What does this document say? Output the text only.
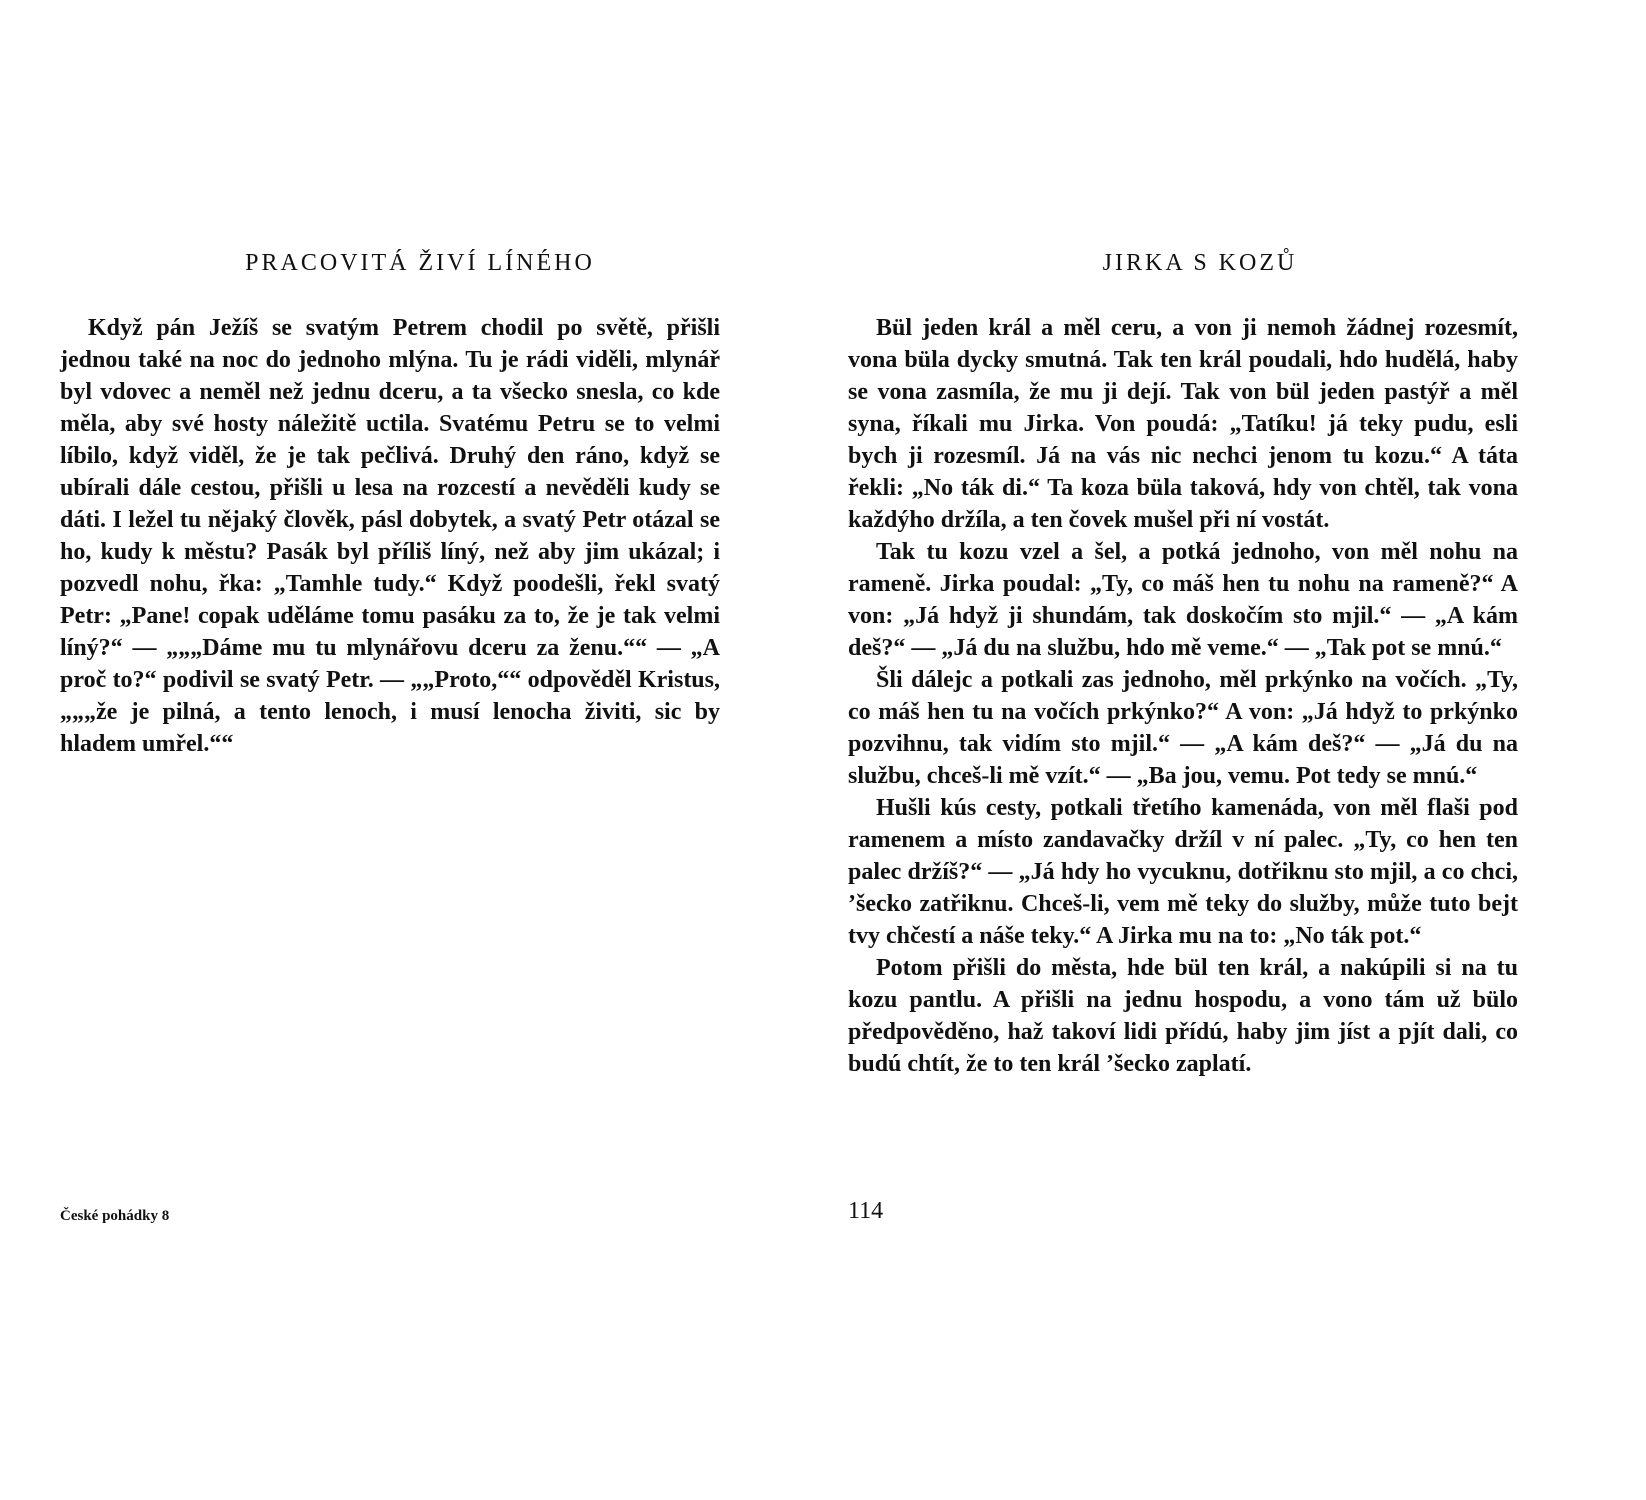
PRACOVITÁ ŽIVÍ LÍNÉHO

Když pán Ježíš se svatým Petrem chodil po světě, přišli jednou také na noc do jednoho mlýna. Tu je rádi viděli, mlynář byl vdovec a neměl než jednu dceru, a ta všecko snesla, co kde měla, aby své hosty náležitě uctila. Svatému Petru se to velmi líbilo, když viděl, že je tak pečlivá. Druhý den ráno, když se ubírali dále cestou, přišli u lesa na rozcestí a nevěděli kudy se dáti. I ležel tu nějaký člověk, pásl dobytek, a svatý Petr otázal se ho, kudy k městu? Pasák byl příliš líný, než aby jim ukázal; i pozvedl nohu, řka: „Tamhle tudy.“ Když poodešli, řekl svatý Petr: „Pane! copak uděláme tomu pasáku za to, že je tak velmi líný?“ — „„„Dáme mu tu mlynářovu dceru za ženu.““ — „A proč to?“ podivil se svatý Petr. — „„Proto,““ odpověděl Kristus, „„„že je pilná, a tento lenoch, i musí lenocha živiti, sic by hladem umřel.““

České pohádky 8
JIRKA S KOZŮ

Bül jeden král a měl ceru, a von ji nemoh žádnej rozesmít, vona büla dycky smutná. Tak ten král poudali, hdo hudělá, haby se vona zasmíla, že mu ji dejí. Tak von bül jeden pastýř a měl syna, říkali mu Jirka. Von poudá: „Tatíku! já teky pudu, esli bych ji rozesmíl. Já na vás nic nechci jenom tu kozu.“ A táta řekli: „No ták di.“ Ta koza büla taková, hdy von chtěl, tak vona každýho držíla, a ten čovek mušel při ní vostát.

Tak tu kozu vzel a šel, a potká jednoho, von měl nohu na rameně. Jirka poudal: „Ty, co máš hen tu nohu na rameně?“ A von: „Já hdyž ji shundám, tak doskočím sto mjil.“ — „A kám deš?“ — „Já du na službu, hdo mě veme.“ — „Tak pot se mnú.“

Šli dálejc a potkali zas jednoho, měl prkýnko na vočích. „Ty, co máš hen tu na vočích prkýnko?“ A von: „Já hdyž to prkýnko pozvihnu, tak vidím sto mjil.“ — „A kám deš?“ — „Já du na službu, chceš-li mě vzít.“ — „Ba jou, vemu. Pot tedy se mnú.“

Hušli kús cesty, potkali třetího kamenáda, von měl flaši pod ramenem a místo zandavačky držíl v ní palec. „Ty, co hen ten palec držíš?“ — „Já hdy ho vycuknu, dotřiknu sto mjil, a co chci, ’šecko zatřiknu. Chceš-li, vem mě teky do služby, může tuto bejt tvy chčestí a náše teky.“ A Jirka mu na to: „No ták pot.“

Potom přišli do města, hde bül ten král, a nakúpili si na tu kozu pantlu. A přišli na jednu hospodu, a vono tám už bülo předpověděno, haž takoví lidi přídú, haby jim jíst a pjít dali, co budú chtít, že to ten král ’šecko zaplatí.

114
